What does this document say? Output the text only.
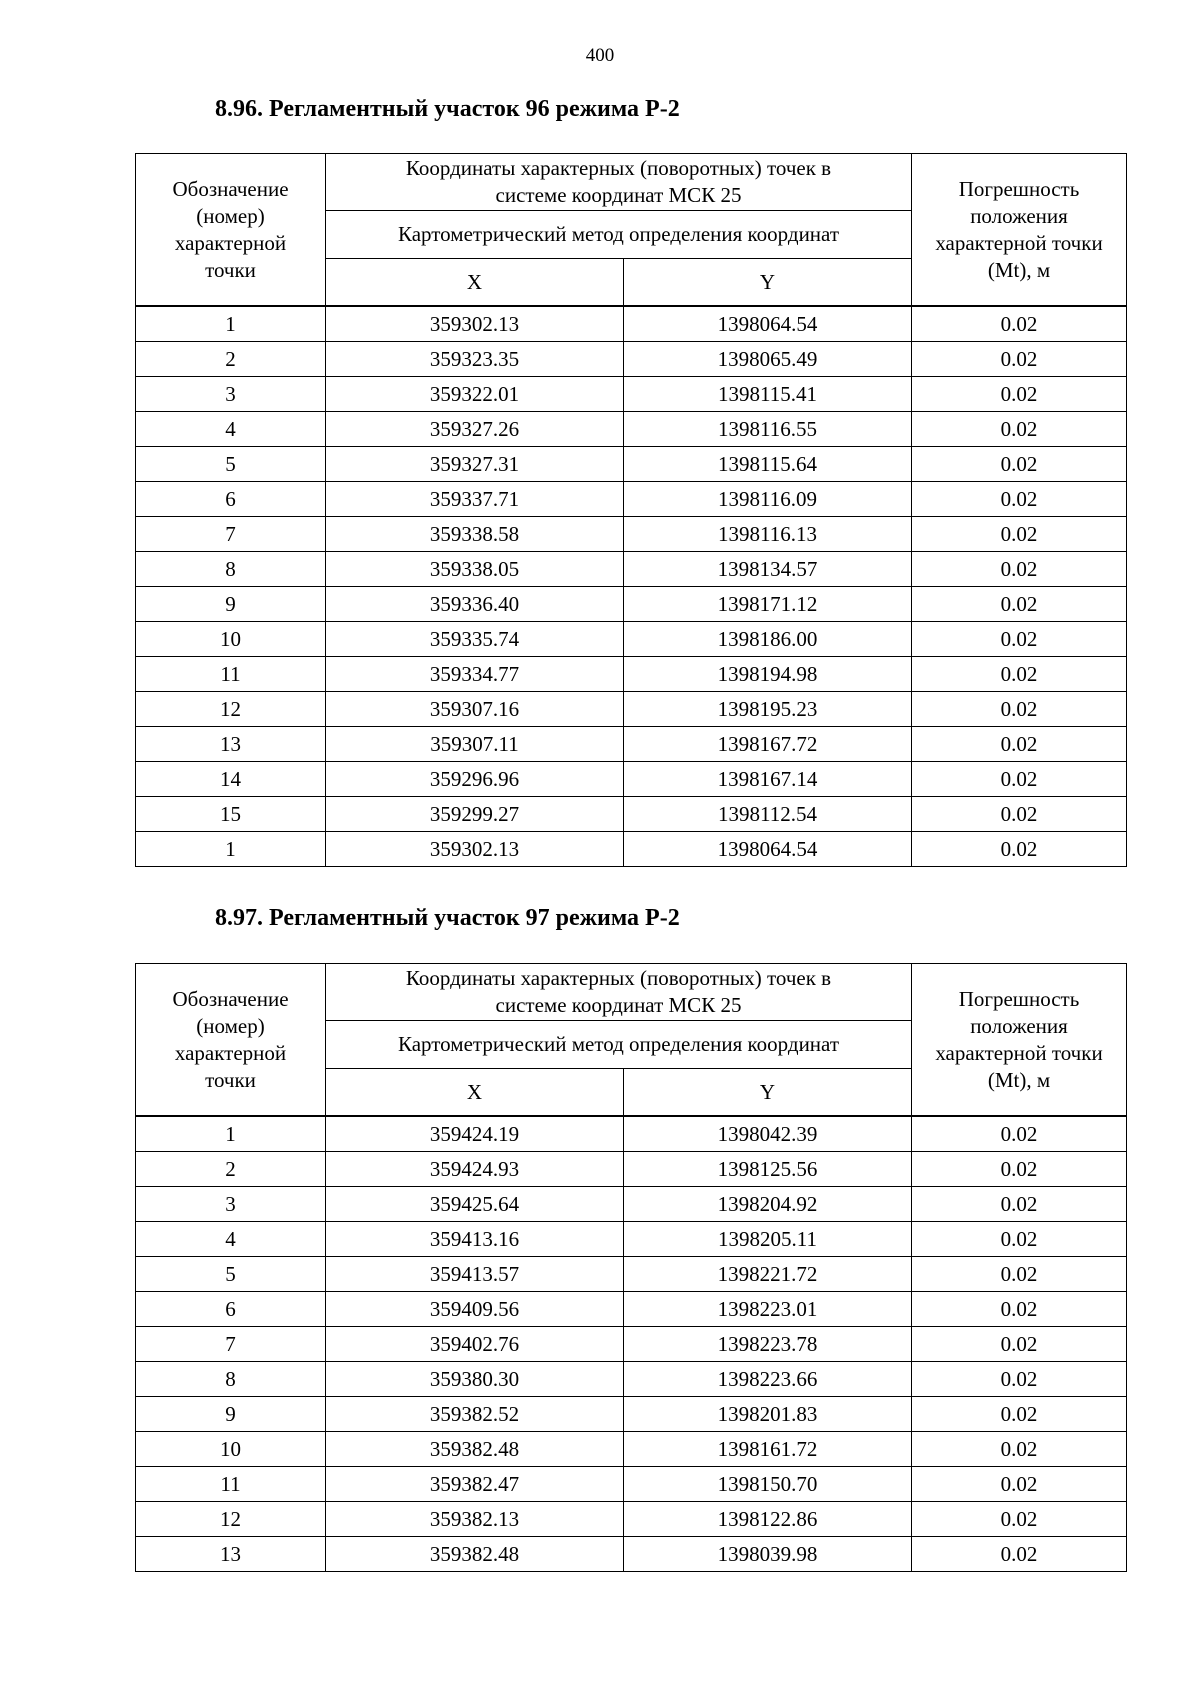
400
8.96. Регламентный участок 96 режима Р-2
Обозначение
(номер)
характерной
точки	Координаты характерных (поворотных) точек в
системе координат МСК 25		Погрешность
положения
характерной точки
(Mt), м

	Картометрический метод определения координат		
	X	Y	
1	359302.13	1398064.54	0.02
2	359323.35	1398065.49	0.02
3	359322.01	1398115.41	0.02
4	359327.26	1398116.55	0.02
5	359327.31	1398115.64	0.02
6	359337.71	1398116.09	0.02
7	359338.58	1398116.13	0.02
8	359338.05	1398134.57	0.02
9	359336.40	1398171.12	0.02
10	359335.74	1398186.00	0.02
11	359334.77	1398194.98	0.02
12	359307.16	1398195.23	0.02
13	359307.11	1398167.72	0.02
14	359296.96	1398167.14	0.02
15	359299.27	1398112.54	0.02
1	359302.13	1398064.54	0.02
8.97. Регламентный участок 97 режима Р-2
Обозначение
(номер)
характерной
точки	Координаты характерных (поворотных) точек в
системе координат МСК 25		Погрешность
положения
характерной точки
(Mt), м

	Картометрический метод определения координат		
	X	Y	
1	359424.19	1398042.39	0.02
2	359424.93	1398125.56	0.02
3	359425.64	1398204.92	0.02
4	359413.16	1398205.11	0.02
5	359413.57	1398221.72	0.02
6	359409.56	1398223.01	0.02
7	359402.76	1398223.78	0.02
8	359380.30	1398223.66	0.02
9	359382.52	1398201.83	0.02
10	359382.48	1398161.72	0.02
11	359382.47	1398150.70	0.02
12	359382.13	1398122.86	0.02
13	359382.48	1398039.98	0.02
